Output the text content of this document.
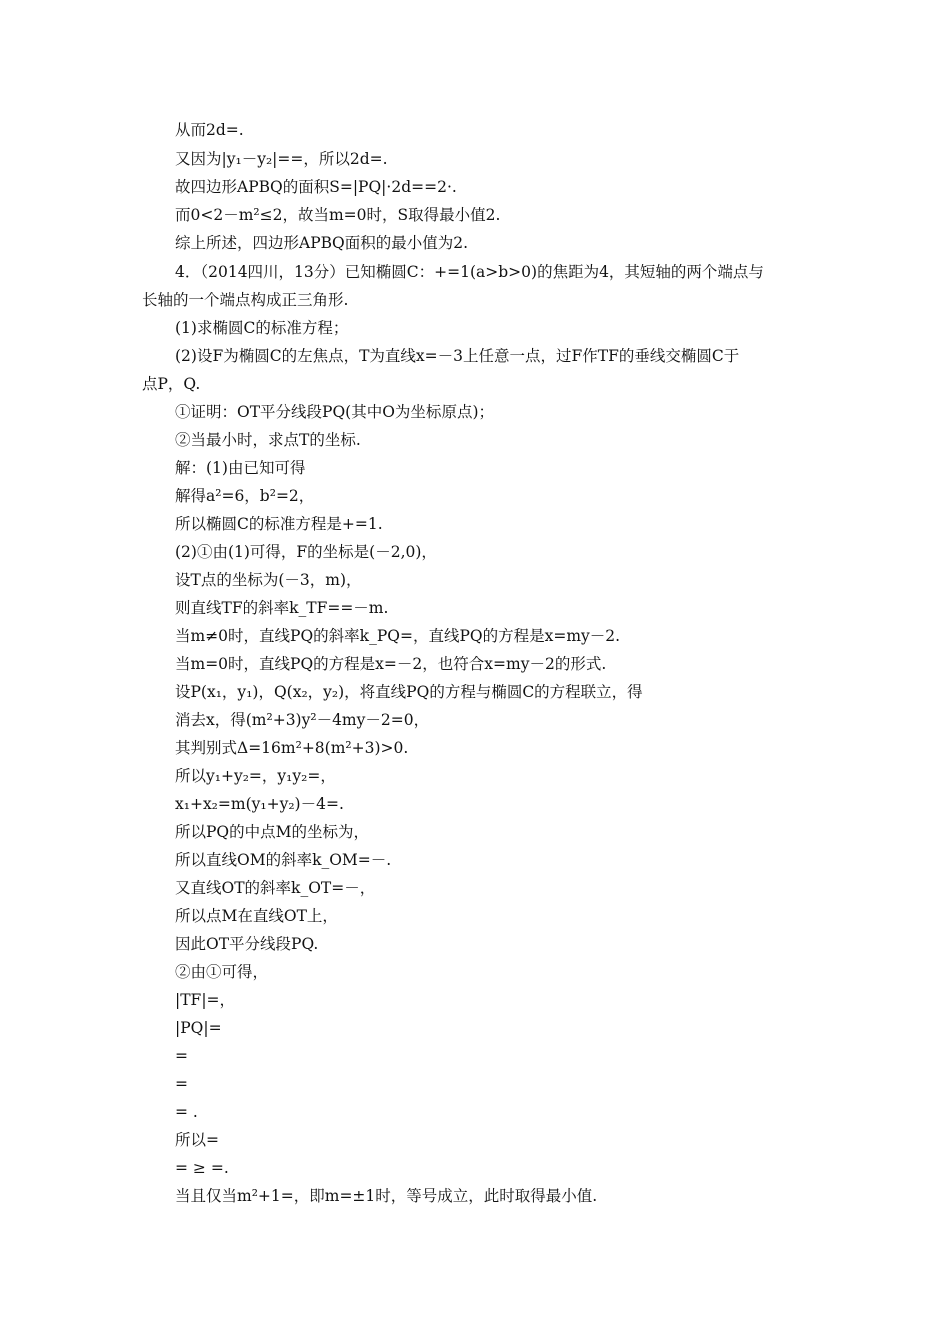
从而2d=.
又因为|y₁－y₂|==，所以2d=.
故四边形APBQ的面积S=|PQ|·2d==2·.
而0<2－m²≤2，故当m=0时，S取得最小值2.
综上所述，四边形APBQ面积的最小值为2.
4．（2014四川，13分）已知椭圆C：+=1(a>b>0)的焦距为4，其短轴的两个端点与
长轴的一个端点构成正三角形.
(1)求椭圆C的标准方程；
(2)设F为椭圆C的左焦点，T为直线x=－3上任意一点，过F作TF的垂线交椭圆C于
点P，Q.
①证明：OT平分线段PQ(其中O为坐标原点)；
②当最小时，求点T的坐标.
解：(1)由已知可得
解得a²=6，b²=2，
所以椭圆C的标准方程是+=1.
(2)①由(1)可得，F的坐标是(－2,0)，
设T点的坐标为(－3，m)，
则直线TF的斜率k_TF==－m.
当m≠0时，直线PQ的斜率k_PQ=，直线PQ的方程是x=my－2.
当m=0时，直线PQ的方程是x=－2，也符合x=my－2的形式.
设P(x₁，y₁)，Q(x₂，y₂)，将直线PQ的方程与椭圆C的方程联立，得
消去x，得(m²+3)y²－4my－2=0，
其判别式Δ=16m²+8(m²+3)>0.
所以y₁+y₂=，y₁y₂=，
x₁+x₂=m(y₁+y₂)－4=.
所以PQ的中点M的坐标为，
所以直线OM的斜率k_OM=－.
又直线OT的斜率k_OT=－，
所以点M在直线OT上，
因此OT平分线段PQ.
②由①可得，
|TF|=，
|PQ|=
=
=
= .
所以=
= ≥ =.
当且仅当m²+1=，即m=±1时，等号成立，此时取得最小值.
